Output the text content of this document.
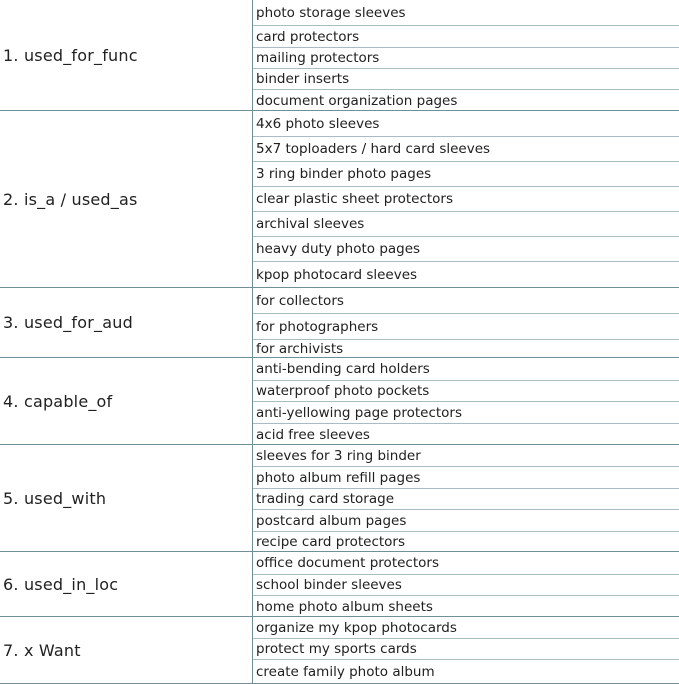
1. used_for_func
photo storage sleeves
card protectors
mailing protectors
binder inserts
document organization pages
2. is_a / used_as
4x6 photo sleeves
5x7 toploaders / hard card sleeves
3 ring binder photo pages
clear plastic sheet protectors
archival sleeves
heavy duty photo pages
kpop photocard sleeves
3. used_for_aud
for collectors
for photographers
for archivists
4. capable_of
anti-bending card holders
waterproof photo pockets
anti-yellowing page protectors
acid free sleeves
5. used_with
sleeves for 3 ring binder
photo album refill pages
trading card storage
postcard album pages
recipe card protectors
6. used_in_loc
office document protectors
school binder sleeves
home photo album sheets
7. x Want
organize my kpop photocards
protect my sports cards
create family photo album
